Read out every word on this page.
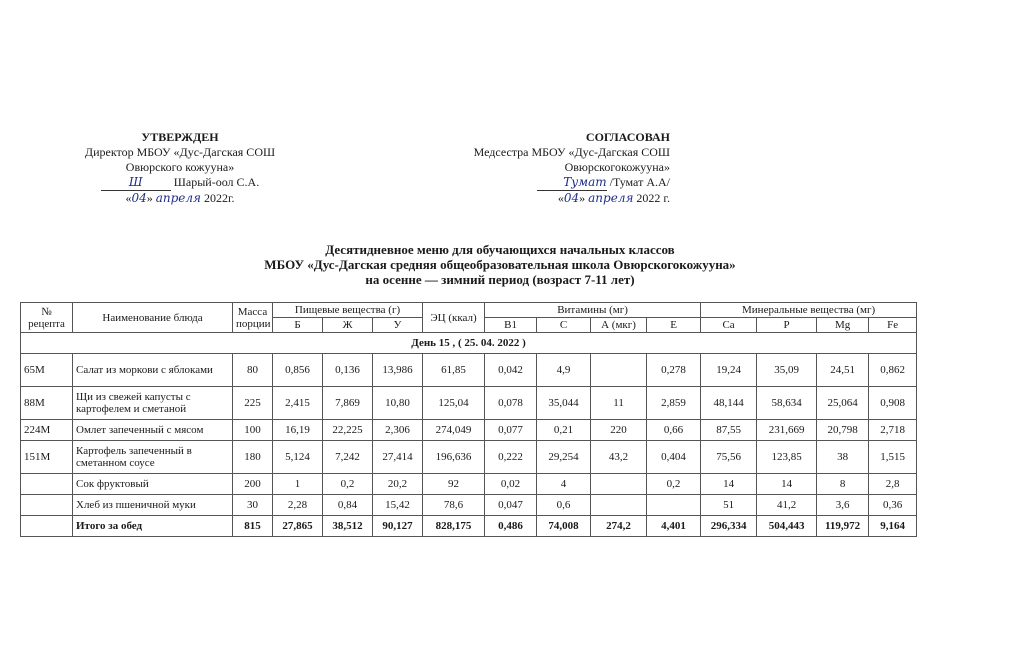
УТВЕРЖДЕН
Директор МБОУ «Дус-Дагская СОШ
Овюрского кожууна»
Ш	Шарый-оол С.А.
«04» апреля 2022г.
СОГЛАСОВАН
Медсестра МБОУ «Дус-Дагская СОШ
Овюрскогокожууна»
Тумат /Тумат А.А/
«04» апреля 2022 г.
Десятидневное меню для обучающихся начальных классов
МБОУ «Дус-Дагская средняя общеобразовательная школа Овюрскогокожууна»
на осенне — зимний период (возраст 7-11 лет)
№ рецепта	Наименование блюда	Масса порции	Пищевые вещества (г)			ЭЦ (ккал)	Витамины (мг)				Минеральные вещества (мг)			
			Б	Ж	У		В1	С	А (мкг)	Е	Са	Р	Mg	Fe
День 15 , ( 25. 04. 2022 )														
65М	Салат из моркови с яблоками	80	0,856	0,136	13,986	61,85	0,042	4,9		0,278	19,24	35,09	24,51	0,862
88М	Щи из свежей капусты с картофелем и сметаной	225	2,415	7,869	10,80	125,04	0,078	35,044	11	2,859	48,144	58,634	25,064	0,908
224М	Омлет запеченный с мясом	100	16,19	22,225	2,306	274,049	0,077	0,21	220	0,66	87,55	231,669	20,798	2,718
151М	Картофель запеченный в сметанном соусе	180	5,124	7,242	27,414	196,636	0,222	29,254	43,2	0,404	75,56	123,85	38	1,515
	Сок фруктовый	200	1	0,2	20,2	92	0,02	4		0,2	14	14	8	2,8
	Хлеб из пшеничной муки	30	2,28	0,84	15,42	78,6	0,047	0,6			51	41,2	3,6	0,36
	Итого за обед	815	27,865	38,512	90,127	828,175	0,486	74,008	274,2	4,401	296,334	504,443	119,972	9,164
